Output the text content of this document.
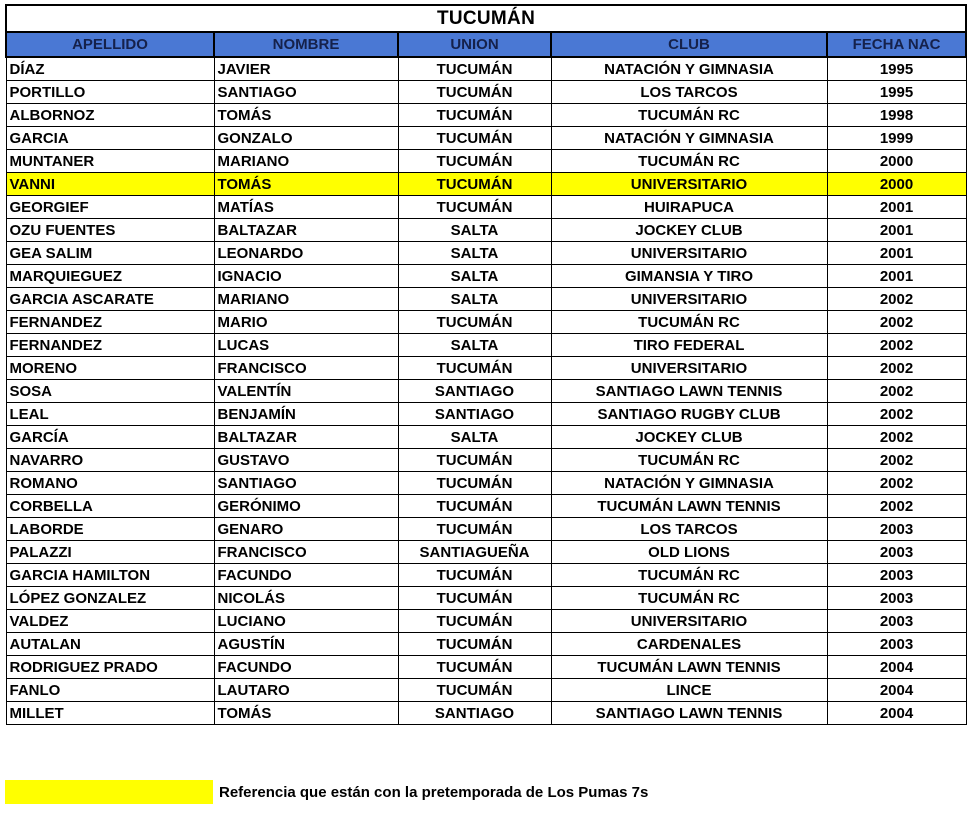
TUCUMÁN				
APELLIDO	NOMBRE	UNION	CLUB	FECHA NAC
DÍAZ	JAVIER	TUCUMÁN	NATACIÓN Y GIMNASIA	1995
PORTILLO	SANTIAGO	TUCUMÁN	LOS TARCOS	1995
ALBORNOZ	TOMÁS	TUCUMÁN	TUCUMÁN RC	1998
GARCIA	GONZALO	TUCUMÁN	NATACIÓN Y GIMNASIA	1999
MUNTANER	MARIANO	TUCUMÁN	TUCUMÁN RC	2000
VANNI	TOMÁS	TUCUMÁN	UNIVERSITARIO	2000
GEORGIEF	MATÍAS	TUCUMÁN	HUIRAPUCA	2001
OZU FUENTES	BALTAZAR	SALTA	JOCKEY CLUB	2001
GEA SALIM	LEONARDO	SALTA	UNIVERSITARIO	2001
MARQUIEGUEZ	IGNACIO	SALTA	GIMANSIA Y TIRO	2001
GARCIA ASCARATE	MARIANO	SALTA	UNIVERSITARIO	2002
FERNANDEZ	MARIO	TUCUMÁN	TUCUMÁN RC	2002
FERNANDEZ	LUCAS	SALTA	TIRO FEDERAL	2002
MORENO	FRANCISCO	TUCUMÁN	UNIVERSITARIO	2002
SOSA	VALENTÍN	SANTIAGO	SANTIAGO LAWN TENNIS	2002
LEAL	BENJAMÍN	SANTIAGO	SANTIAGO RUGBY CLUB	2002
GARCÍA	BALTAZAR	SALTA	JOCKEY CLUB	2002
NAVARRO	GUSTAVO	TUCUMÁN	TUCUMÁN RC	2002
ROMANO	SANTIAGO	TUCUMÁN	NATACIÓN Y GIMNASIA	2002
CORBELLA	GERÓNIMO	TUCUMÁN	TUCUMÁN LAWN TENNIS	2002
LABORDE	GENARO	TUCUMÁN	LOS TARCOS	2003
PALAZZI	FRANCISCO	SANTIAGUEÑA	OLD LIONS	2003
GARCIA HAMILTON	FACUNDO	TUCUMÁN	TUCUMÁN RC	2003
LÓPEZ GONZALEZ	NICOLÁS	TUCUMÁN	TUCUMÁN RC	2003
VALDEZ	LUCIANO	TUCUMÁN	UNIVERSITARIO	2003
AUTALAN	AGUSTÍN	TUCUMÁN	CARDENALES	2003
RODRIGUEZ PRADO	FACUNDO	TUCUMÁN	TUCUMÁN LAWN TENNIS	2004
FANLO	LAUTARO	TUCUMÁN	LINCE	2004
MILLET	TOMÁS	SANTIAGO	SANTIAGO LAWN TENNIS	2004
Referencia que están con la pretemporada de Los Pumas 7s
